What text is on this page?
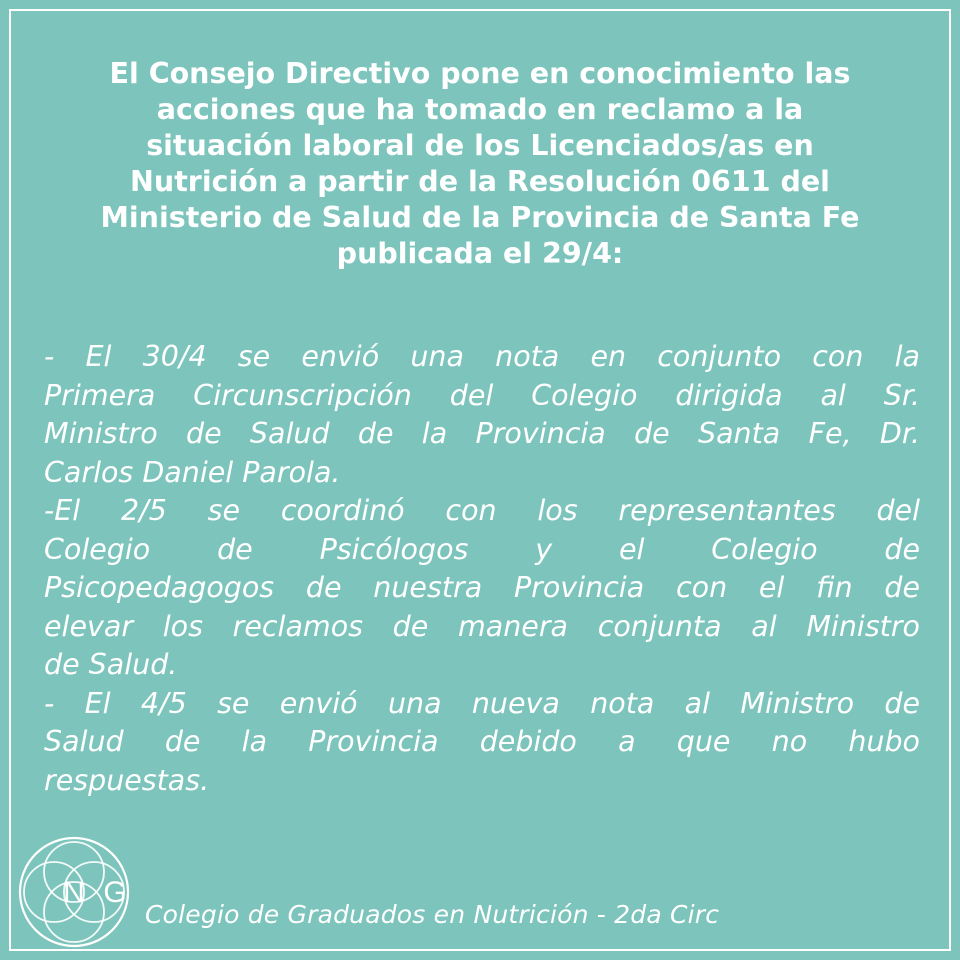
El Consejo Directivo pone en conocimiento las
acciones que ha tomado en reclamo a la
situación laboral de los Licenciados/as en
Nutrición a partir de la Resolución 0611 del
Ministerio de Salud de la Provincia de Santa Fe
publicada el 29/4:
- El 30/4 se envió una nota en conjunto con la
Primera Circunscripción del Colegio dirigida al Sr.
Ministro de Salud de la Provincia de Santa Fe, Dr.
Carlos Daniel Parola.
-El 2/5 se coordinó con los representantes del
Colegio de Psicólogos y el Colegio de
Psicopedagogos de nuestra Provincia con el fin de
elevar los reclamos de manera conjunta al Ministro
de Salud.
- El 4/5 se envió una nueva nota al Ministro de
Salud de la Provincia debido a que no hubo
respuestas.
N G
Colegio de Graduados en Nutrición - 2da Circ
